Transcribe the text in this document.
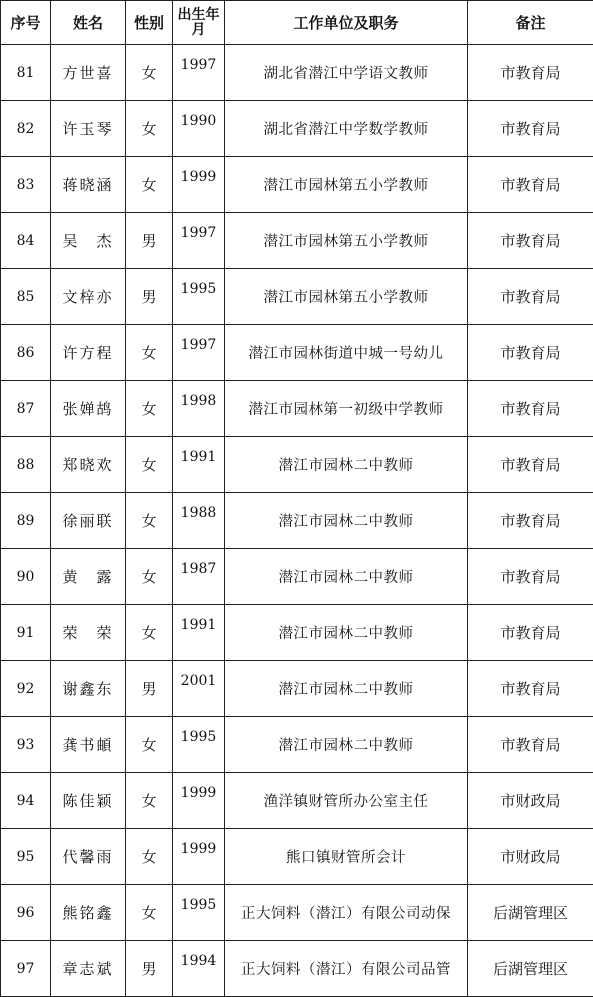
序号	姓名	性别	出生年月	工作单位及职务	备注
81	方世喜	女	1997	湖北省潜江中学语文教师	市教育局
82	许玉琴	女	1990	湖北省潜江中学数学教师	市教育局
83	蒋晓涵	女	1999	潜江市园林第五小学教师	市教育局
84	吴　杰	男	1997	潜江市园林第五小学教师	市教育局
85	文梓亦	男	1995	潜江市园林第五小学教师	市教育局
86	许方程	女	1997	潜江市园林街道中城一号幼儿	市教育局
87	张婵鸪	女	1998	潜江市园林第一初级中学教师	市教育局
88	郑晓欢	女	1991	潜江市园林二中教师	市教育局
89	徐丽联	女	1988	潜江市园林二中教师	市教育局
90	黄　露	女	1987	潜江市园林二中教师	市教育局
91	荣　荣	女	1991	潜江市园林二中教师	市教育局
92	谢鑫东	男	2001	潜江市园林二中教师	市教育局
93	龚书頔	女	1995	潜江市园林二中教师	市教育局
94	陈佳颖	女	1999	渔洋镇财管所办公室主任	市财政局
95	代馨雨	女	1999	熊口镇财管所会计	市财政局
96	熊铭鑫	女	1995	正大饲料（潜江）有限公司动保	后湖管理区
97	章志斌	男	1994	正大饲料（潜江）有限公司品管	后湖管理区
